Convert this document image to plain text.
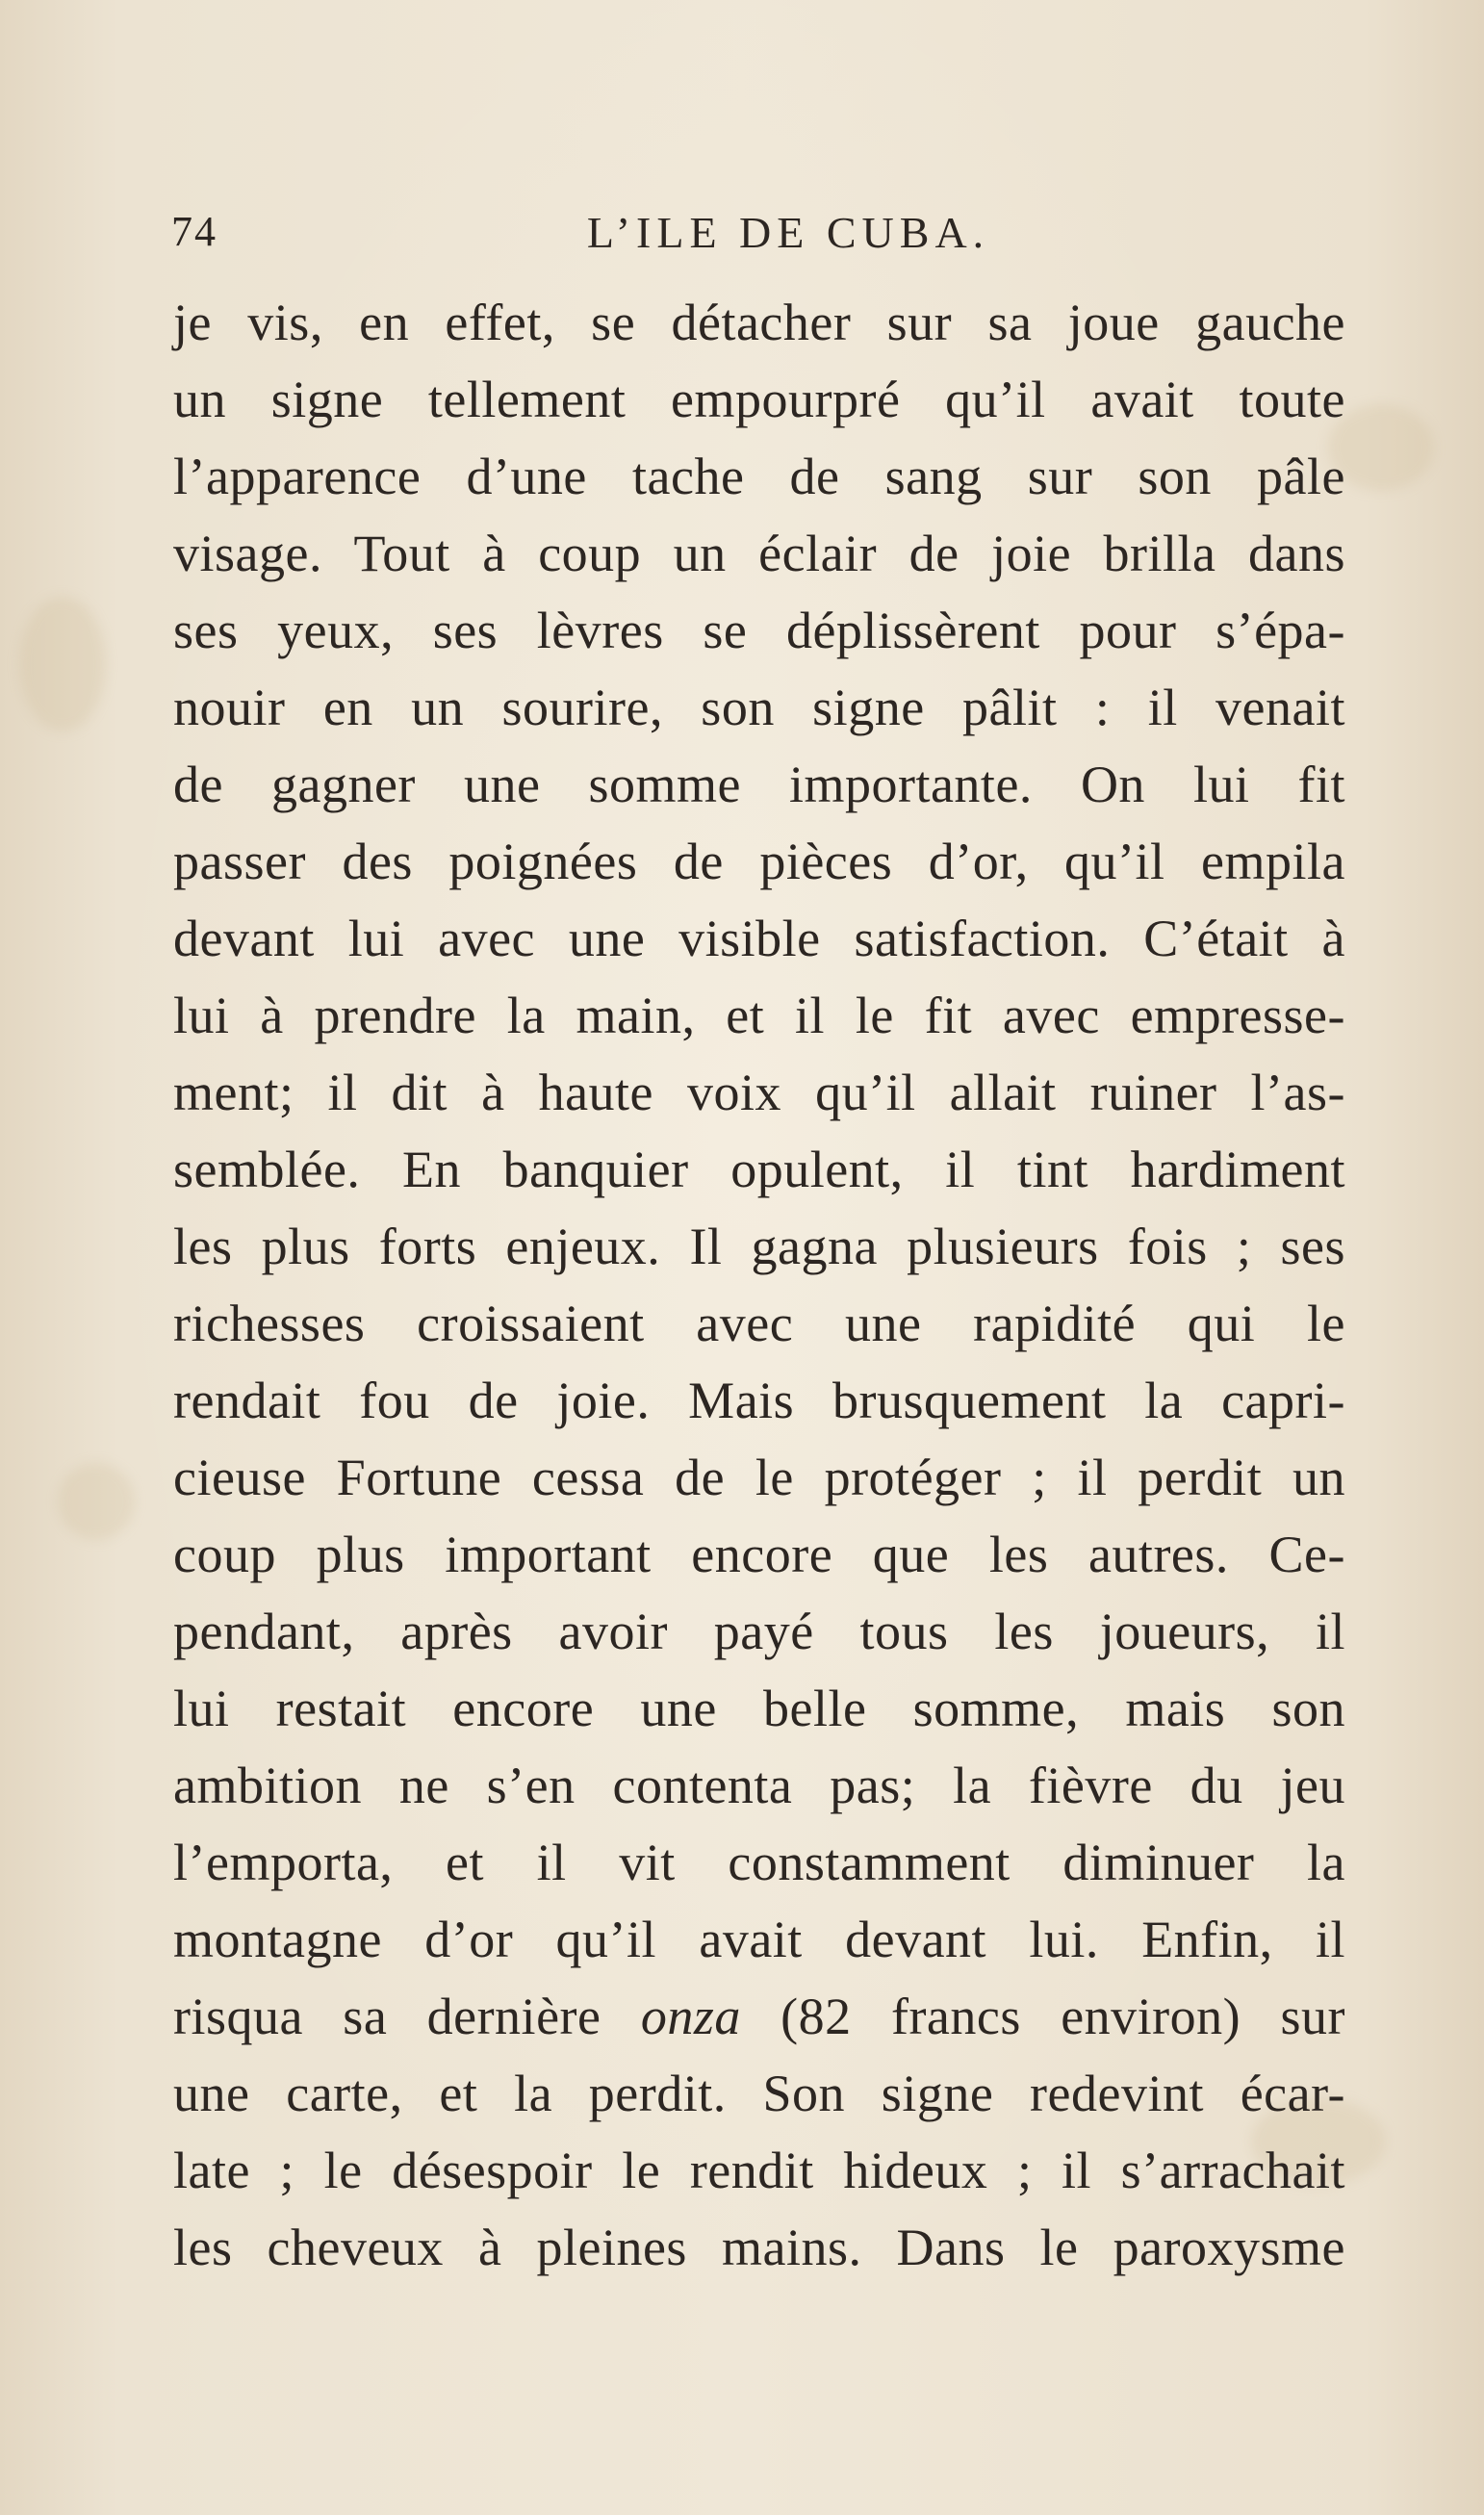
74	L’ILE DE CUBA.
je vis, en effet, se détacher sur sa joue gauche
un signe tellement empourpré qu’il avait toute
l’apparence d’une tache de sang sur son pâle
visage. Tout à coup un éclair de joie brilla dans
ses yeux, ses lèvres se déplissèrent pour s’épa-
nouir en un sourire, son signe pâlit : il venait
de gagner une somme importante. On lui fit
passer des poignées de pièces d’or, qu’il empila
devant lui avec une visible satisfaction. C’était à
lui à prendre la main, et il le fit avec empresse-
ment; il dit à haute voix qu’il allait ruiner l’as-
semblée. En banquier opulent, il tint hardiment
les plus forts enjeux. Il gagna plusieurs fois ; ses
richesses croissaient avec une rapidité qui le
rendait fou de joie. Mais brusquement la capri-
cieuse Fortune cessa de le protéger ; il perdit un
coup plus important encore que les autres. Ce-
pendant, après avoir payé tous les joueurs, il
lui restait encore une belle somme, mais son
ambition ne s’en contenta pas; la fièvre du jeu
l’emporta, et il vit constamment diminuer la
montagne d’or qu’il avait devant lui. Enfin, il
risqua sa dernière onza (82 francs environ) sur
une carte, et la perdit. Son signe redevint écar-
late ; le désespoir le rendit hideux ; il s’arrachait
les cheveux à pleines mains. Dans le paroxysme
